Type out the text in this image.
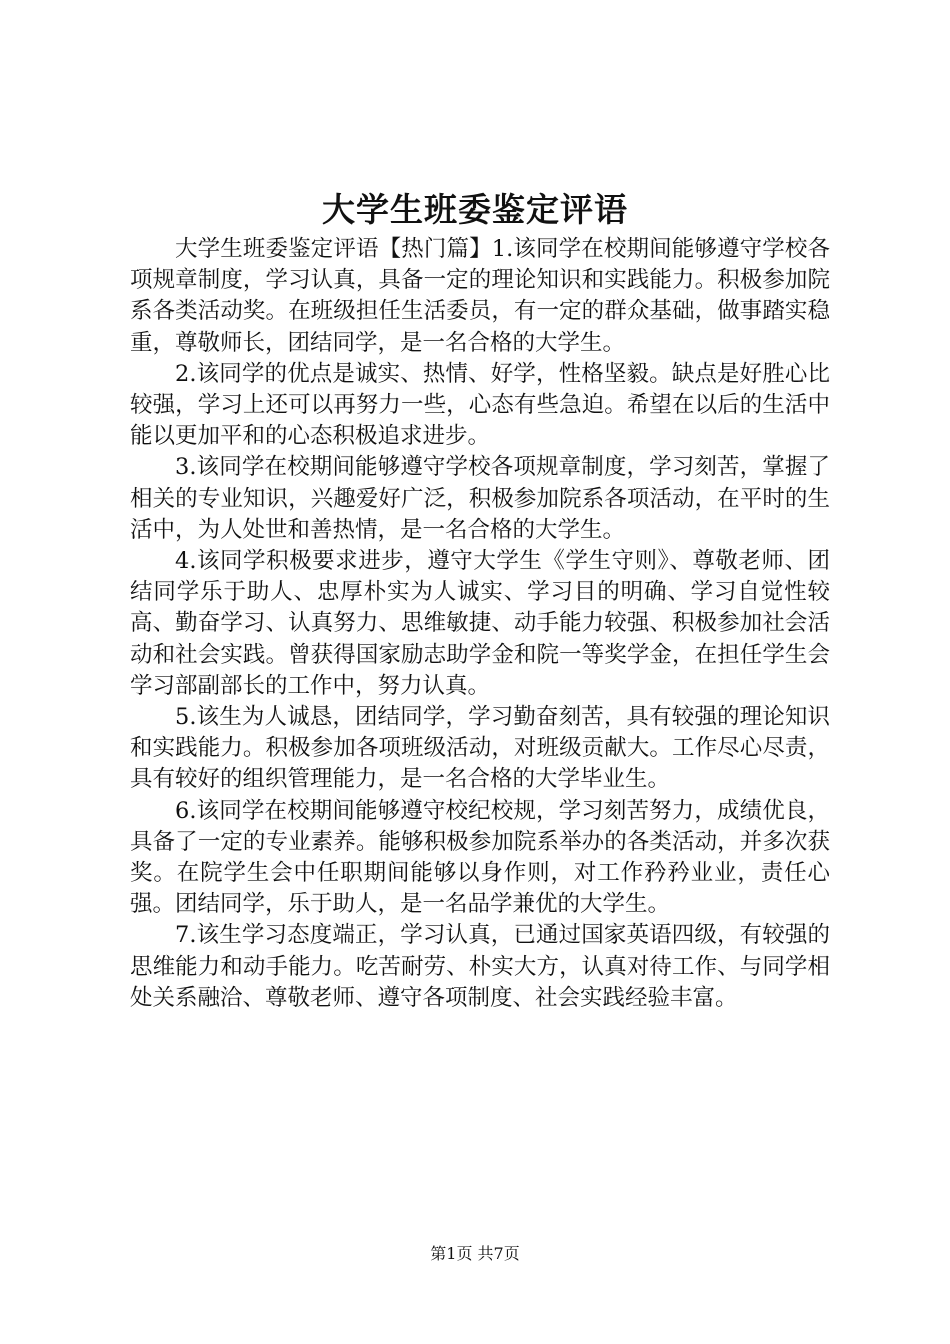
大学生班委鉴定评语

大学生班委鉴定评语【热门篇】1.该同学在校期间能够遵守学校各项规章制度，学习认真，具备一定的理论知识和实践能力。积极参加院系各类活动奖。在班级担任生活委员，有一定的群众基础，做事踏实稳重，尊敬师长，团结同学，是一名合格的大学生。

2.该同学的优点是诚实、热情、好学，性格坚毅。缺点是好胜心比较强，学习上还可以再努力一些，心态有些急迫。希望在以后的生活中能以更加平和的心态积极追求进步。

3.该同学在校期间能够遵守学校各项规章制度，学习刻苦，掌握了相关的专业知识，兴趣爱好广泛，积极参加院系各项活动，在平时的生活中，为人处世和善热情，是一名合格的大学生。

4.该同学积极要求进步，遵守大学生《学生守则》、尊敬老师、团结同学乐于助人、忠厚朴实为人诚实、学习目的明确、学习自觉性较高、勤奋学习、认真努力、思维敏捷、动手能力较强、积极参加社会活动和社会实践。曾获得国家励志助学金和院一等奖学金，在担任学生会学习部副部长的工作中，努力认真。

5.该生为人诚恳，团结同学，学习勤奋刻苦，具有较强的理论知识和实践能力。积极参加各项班级活动，对班级贡献大。工作尽心尽责，具有较好的组织管理能力，是一名合格的大学毕业生。

6.该同学在校期间能够遵守校纪校规，学习刻苦努力，成绩优良，具备了一定的专业素养。能够积极参加院系举办的各类活动，并多次获奖。在院学生会中任职期间能够以身作则，对工作矜矜业业，责任心强。团结同学，乐于助人，是一名品学兼优的大学生。

7.该生学习态度端正，学习认真，已通过国家英语四级，有较强的思维能力和动手能力。吃苦耐劳、朴实大方，认真对待工作、与同学相处关系融洽、尊敬老师、遵守各项制度、社会实践经验丰富。

第1页 共7页
